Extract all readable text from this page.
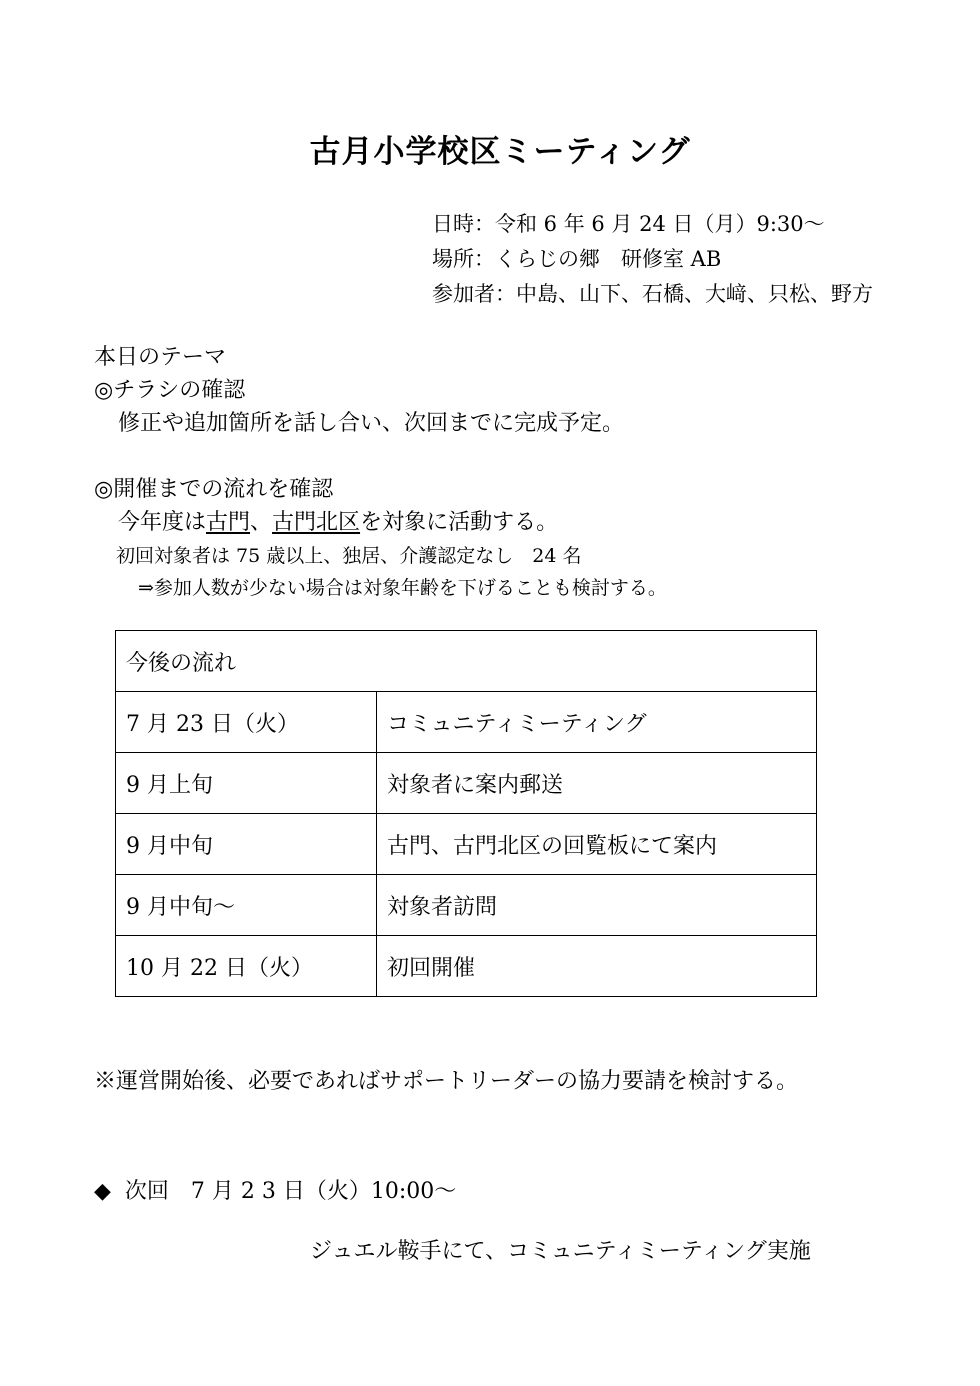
古月小学校区ミーティング
日時：令和 6 年 6 月 24 日（月）9:30〜
場所：くらじの郷　研修室 AB
参加者：中島、山下、石橋、大﨑、只松、野方
本日のテーマ
◎チラシの確認
修正や追加箇所を話し合い、次回までに完成予定。
◎開催までの流れを確認
今年度は古門、古門北区を対象に活動する。
初回対象者は 75 歳以上、独居、介護認定なし　24 名
⇒参加人数が少ない場合は対象年齢を下げることも検討する。
今後の流れ	
7 月 23 日（火）	コミュニティミーティング
9 月上旬	対象者に案内郵送
9 月中旬	古門、古門北区の回覧板にて案内
9 月中旬〜	対象者訪問
10 月 22 日（火）	初回開催
※運営開始後、必要であればサポートリーダーの協力要請を検討する。
◆ 次回　7 月 2 3 日（火）10:00〜
ジュエル鞍手にて、コミュニティミーティング実施
